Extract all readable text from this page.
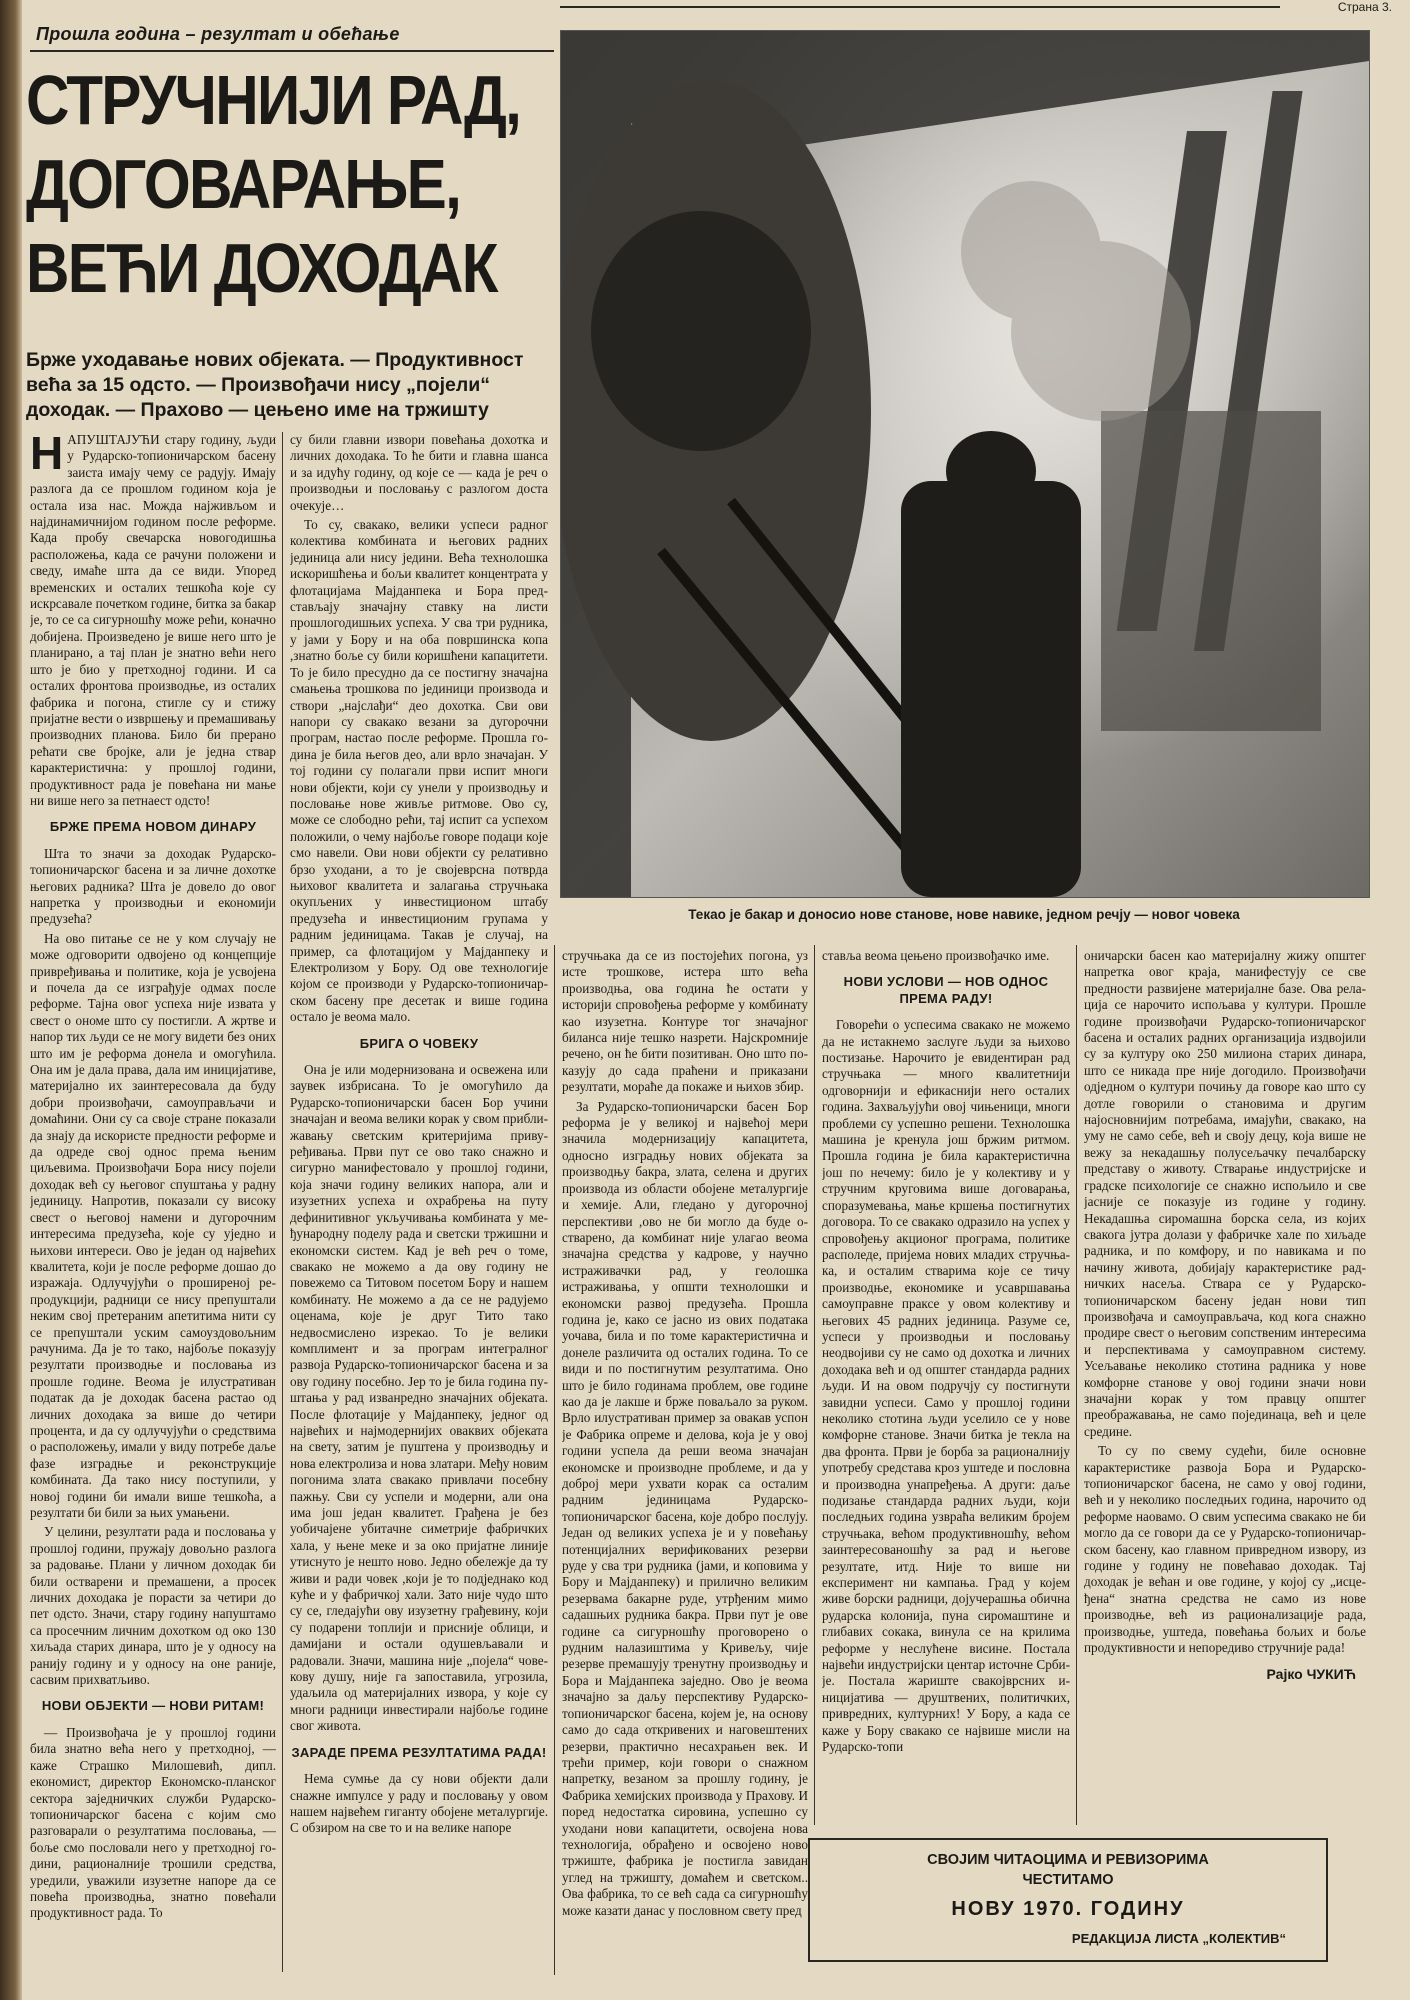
Прошла година – резултат и обећање
Страна 3.
СТРУЧНИЈИ РАД,
ДОГОВАРАЊЕ,
ВЕЋИ ДОХОДАК
Брже уходавање нових објеката. — Продуктивност већа за 15 одсто. — Произвођачи нису „појели“ доходак. — Прахово — цењено име на тржишту
Текао је бакар и доносио нове станове, нове навике, једном речју — новог човека

НАПУШТАЈУЋИ стару годину, људи у Рударско-топионичарском басену заиста имају чему се радују. Имају разлога да се прошлом годином која је остала иза нас. Можда најживљом и најдинамичнијом годином после реформе. Када пробу свечарска новогодишња расположења, када се рачуни положени и сведу, имаће шта да се види. Упоред временских и осталих тешкоћа које су искрсавале почетком године, битка за бакар је, то се са сигурношћу може рећи, коначно добијена. Произведено је више него што је планирано, а тај план је знатно већи него што је био у претходној години. И са осталих фронтова производње, из осталих фабрика и погона, стигле су и стижу пријатне вести о извршењу и премашивању производних планова. Било би прерано рећати све бројке, али је једна ствар карактеристична: у прошлој години, продуктивност рада је повећана ни мање ни више него за петнаест одсто!

БРЖЕ ПРЕМА НОВОМ ДИНАРУ

Шта то значи за доходак Рударско-топионичарског басена и за личне дохотке његових радника? Шта је довело до овог напретка у производњи и економији предузећа?

На ово питање се не у ком случају не може одговорити одвојено од концепције привређивања и политике, која је усвојена и почела да се изграђује одмах после реформе. Тајна овог успеха није извата у свест о ономе што су постигли. А жртве и напор тих људи се не могу видети без оних што им је реформа донела и омогућила. Она им је дала права, дала им иницијативе, материјално их заинтересовала да буду добри произвођачи, самоуправљачи и домаћини. Они су са своје стране показали да знају да искористе предности реформе и да одреде свој однос према њеним циљевима. Произвођачи Бора нису појели доходак већ су његовог спуштања у радну јединицу. Напротив, показали су високу свест о његовој намени и дугорочним интересима предузећа, које су уједно и њихови интереси. Ово је један од највећих квалитета, који је после реформе дошао до изражаја. Одлучујући о проширеној репродукцији, радници се нису препуштали неким свој претераним апетитима нити су се препуштали уским самоуздовољним рачунима. Да је то тако, најбоље показују резултати производње и пословања из прошле године. Веома је илустративан податак да је доходак басена растао од личних доходака за више до четири процента, и да су одлучујући о средствима о расположењу, имали у виду потребе даље фазе изградње и реконструкције комбината. Да тако нису поступили, у новој години би имали више тешкоћа, а резултати би били за њих умањени.

У целини, резултати рада и пословања у прошлој години, пружају довољно разлога за радовање. Плани у личном доходак би били остварени и премашени, а просек личних доходака је порасти за четири до пет одсто. Значи, стару годину напуштамо са просечним личним дохотком од око 130 хиљада старих динара, што је у односу на ранију годину и у односу на оне раније, сасвим прихватљиво.

НОВИ ОБЈЕКТИ — НОВИ РИТАМ!

— Произвођача је у прошлој години била знатно већа него у претходној, — каже Страшко Милошевић, дипл. економист, директор Економско-планског сектора заједничких служби Рударско-топионичарског басена с којим смо разговарали о резултатима пословања, — боље смо пословали него у претходној години, рационалније трошили средства, уредили, уважили изузетне напоре да се повећа производња, знатно повећали продуктивност рада. То

су били главни извори повећања дохотка и личних доходака. То ће бити и главна шанса и за идућу годину, од које се — када је реч о производњи и пословању с разлогом доста очекује…

То су, свакако, велики успеси радног колектива комбината и његових радних јединица али нису једини. Већа технолошка искоришћења и бољи квалитет концентрата у флотацијама Мајданпека и Бора представљају значајну ставку на листи прошлогодишњих успеха. У сва три рудника, у јами у Бору и на оба површинска копа ,знатно боље су били коришћени капацитети. То је било пресудно да се постигну значајна смањења трошкова по јединици производа и створи „најслађи“ део дохотка. Сви ови напори су свакако везани за дугорочни програм, настао после реформе. Прошла година је била његов део, али врло значајан. У тој години су полагали први испит многи нови објекти, који су унели у производњу и пословање нове живље ритмове. Ово су, може се слободно рећи, тај испит са успехом положили, о чему најбоље говоре подаци које смо навели. Ови нови објекти су релативно брзо уходани, а то је својеврсна потврда њиховог квалитета и залагања стручњака окупљених у инвестиционом штабу предузећа и инвестиционим групама у радним јединицама. Такав је случај, на пример, са флотацијом у Мајданпеку и Електролизом у Бору. Од ове технологије којом се производи у Рударско-топионичарском басену пре десетак и више година остало је веома мало.

БРИГА О ЧОВЕКУ

Она је или модернизована и освежена или заувек избрисана. То је омогућило да Рударско-топионичарски басен Бор учини значајан и веома велики корак у свом приближавању светским критеријима привуређивања. Први пут се ово тако снажно и сигурно манифестовало у прошлој години, која значи годину великих напора, али и изузетних успеха и охрабрења на путу дефинитивног укључивања комбината у међународну поделу рада и светски тржишни и економски систем. Кад је већ реч о томе, свакако не можемо а да ову годину не повежемо са Титовом посетом Бору и нашем комбинату. Не можемо а да се не радујемо оценама, које је друг Тито тако недвосмислено изрекао. То је велики комплимент и за програм интегралног развоја Рударско-топионичарског басена и за ову годину посебно. Јер то је била година пуштања у рад изванредно значајних објеката. После флотације у Мајданпеку, једног од највећих и најмодернијих оваквих објеката на свету, затим је пуштена у производњу и нова електролиза и нова златари. Међу новим погонима злата свакако привлачи посебну пажњу. Сви су успели и модерни, али она има још један квалитет. Грађена је без уобичајене убитачне симетрије фабричких хала, у њене меке и за око пријатне линије утиснуто је нешто ново. Једно обележје да ту живи и ради човек ,који је то подједнако код куће и у фабричкој хали. Зато није чудо што су се, гледајући ову изузетну грађевину, који су подарени топлији и присније облици, и дамијани и остали одушевљавали и радовали. Значи, машина није „појела“ човекову душу, није га запоставила, угрозила, удаљила од материјалних извора, у које су многи радници инвестирали најбоље године свог живота.

ЗАРАДЕ ПРЕМА РЕЗУЛТАТИМА РАДА!

Нема сумње да су нови објекти дали снажне импулсе у раду и пословању у овом нашем највећем гиганту обојене металургије. С обзиром на све то и на велике напоре

стручњака да се из постојећих погона, уз исте трошкове, истера што већа производња, ова година ће остати у историји спровођења реформе у комбинату као изузетна. Контуре тог значајног биланса није тешко назрети. Најскромније речено, он ће бити позитиван. Оно што показују до сада праћени и приказани резултати, мораће да покаже и њихов збир.

За Рударско-топионичарски басен Бор реформа је у великој и највећој мери значила модернизацију капацитета, односно изградњу нових објеката за производњу бакра, злата, селена и других производа из области обојене металургије и хемије. Али, гледано у дугорочној перспективи ,ово не би могло да буде остварено, да комбинат није улагао веома значајна средства у кадрове, у научно истраживачки рад, у геолошка истраживања, у општи технолошки и економски развој предузећа. Прошла година је, како се јасно из ових података уочава, била и по томе карактеристична и донеле различита од осталих година. То се види и по постигнутим резултатима. Оно што је било годинама проблем, ове године као да је лакше и брже поваљало за руком. Врло илустративан пример за овакав успон је Фабрика опреме и делова, која је у овој години успела да реши веома значајан економске и производне проблеме, и да у доброј мери ухвати корак са осталим радним јединицама Рударско-топионичарског басена, које добро послују. Један од великих успеха је и у повећању потенцијалних верификованих резерви руде у сва три рудника (јами, и коповима у Бору и Мајданпеку) и прилично великим резервама бакарне руде, утрђеним мимо садашњих рудника бакра. Први пут је ове године са сигурношћу проговорено о рудним налазиштима у Кривељу, чије резерве премашују тренутну производњу и Бора и Мајданпека заједно. Ово је веома значајно за даљу перспективу Рударско-топионичарског басена, којем је, на основу само до сада откривених и наговештених резерви, практично несахрањен век. И трећи пример, који говори о снажном напретку, везаном за прошлу годину, је Фабрика хемијских производа у Прахову. И поред недостатка сировина, успешно су уходани нови капацитети, освојена нова технологија, обрађено и освојено ново тржиште, фабрика је постигла завидан углед на тржишту, домаћем и светском.. Ова фабрика, то се већ сада са сигурношћу може казати данас у пословном свету пред

ставља веома цењено произвођачко име.

НОВИ УСЛОВИ — НОВ ОДНОС ПРЕМА РАДУ!

Говорећи о успесима свакако не можемо да не истакнемо заслуге људи за њихово постизање. Нарочито је евидентиран рад стручњака — много квалитетнији одговорнији и ефикаснији него осталих година. Захваљујући овој чињеници, многи проблеми су успешно решени. Технолошка машина је кренула још бржим ритмом. Прошла година је била карактеристична још по нечему: било је у колективу и у стручним круговима више договарања, споразумевања, мање кршења постигнутих договора. То се свакако одразило на успех у спровођењу акционог програма, политике располеде, пријема нових младих стручњака, и осталим стварима које се тичу производње, економике и усавршавања самоуправне праксе у овом колективу и његових 45 радних јединица. Разуме се, успеси у производњи и пословању неодвојиви су не само од дохотка и личних доходака већ и од општег стандарда радних људи. И на овом подручју су постигнути завидни успеси. Само у прошлој години неколико стотина људи уселило се у нове комфорне станове. Значи битка је текла на два фронта. Први је борба за рационалнију употребу средстава кроз уштеде и пословна и производна унапређења. А други: даље подизање стандарда радних људи, који последњих година узвраћа великим бројем стручњака, већом продуктивношћу, већом заинтересованошћу за рад и његове резултате, итд. Није то више ни експеримент ни кампања. Град у којем живе борски радници, дојучерашња обична рударска колонија, пуна сиромаштине и глибавих сокака, винула се на крилима реформе у неслућене висине. Постала највећи индустријски центар источне Србије. Постала жариште свакојврсних иницијатива — друштвених, политичких, привредних, културних! У Бору, а када се каже у Бору свакако се највише мисли на Рударско-топи

оничарски басен као материјалну жижу општег напретка овог краја, манифестују се све предности развијене материјалне базе. Ова релација се нарочито испољава у култури. Прошле године произвођачи Рударско-топионичарског басена и осталих радних организација издвојили су за културу око 250 милиона старих динара, што се никада пре није догодило. Произвођачи одједном о култури почињу да говоре као што су дотле говорили о становима и другим најосновнијим потребама, имајући, свакако, на уму не само себе, већ и своју децу, која више не вежу за некадашњу полусељачку печалбарску представу о животу. Стварање индустријске и градске психологије се снажно испољило и све јасније се показује из године у годину. Некадашња сиромашна борска села, из којих свакога јутра долази у фабричке хале по хиљаде радника, и по комфору, и по навикама и по начину живота, добијају карактеристике радничких насеља. Ствара се у Рударско-топионичарском басену један нови тип произвођача и самоуправљача, код кога снажно продире свест о његовим сопственим интересима и перспективама у самоуправном систему. Усељавање неколико стотина радника у нове комфорне станове у овој години значи нови значајни корак у том правцу општег преображавања, не само појединаца, већ и целе средине.

То су по свему судећи, биле основне карактеристике развоја Бора и Рударско-топионичарског басена, не само у овој години, већ и у неколико последњих година, нарочито од реформе наовамо. О свим успесима свакако не би могло да се говори да се у Рударско-топионичарском басену, као главном привредном извору, из године у годину не повећавао доходак. Тај доходак је већан и ове године, у којој су „исцеђена“ знатна средства не само из нове производње, већ из рационализације рада, производње, уштеда, повећања бољих и боље продуктивности и непоредиво стручније рада!

Рајко ЧУКИЋ
СВОЈИМ ЧИТАОЦИМА И РЕВИЗОРИМА
ЧЕСТИТАМО
НОВУ 1970. ГОДИНУ
РЕДАКЦИЈА ЛИСТА „КОЛЕКТИВ“
